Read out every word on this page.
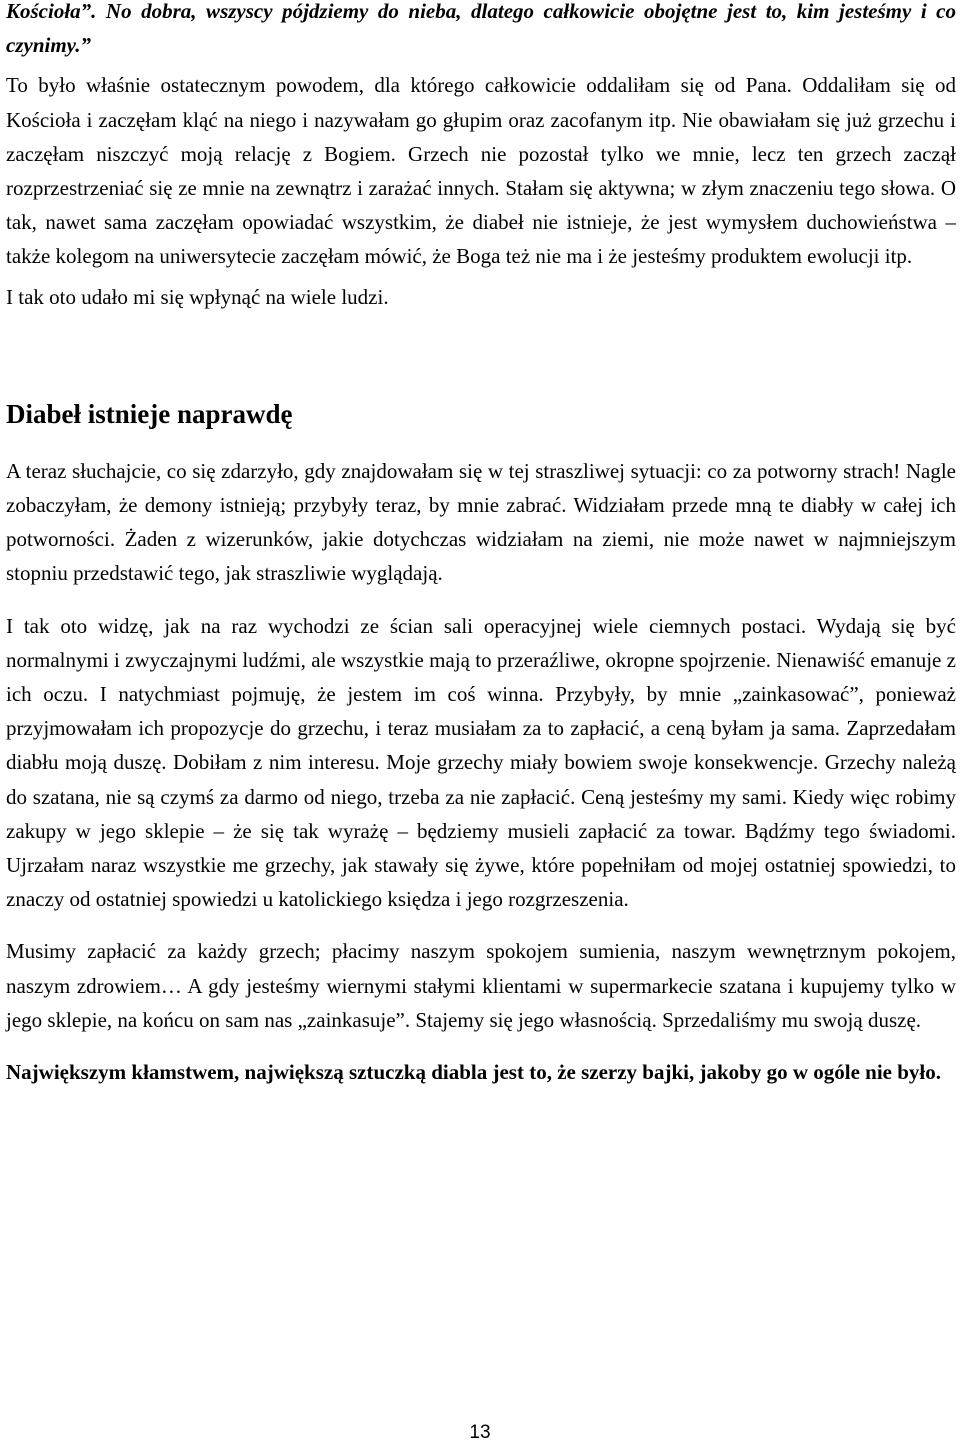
Kościoła”. No dobra, wszyscy pójdziemy do nieba, dlatego całkowicie obojętne jest to, kim jesteśmy i co czynimy.”

To było właśnie ostatecznym powodem, dla którego całkowicie oddaliłam się od Pana. Oddaliłam się od Kościoła i zaczęłam kląć na niego i nazywałam go głupim oraz zacofanym itp. Nie obawiałam się już grzechu i zaczęłam niszczyć moją relację z Bogiem. Grzech nie pozostał tylko we mnie, lecz ten grzech zaczął rozprzestrzeniać się ze mnie na zewnątrz i zarażać innych. Stałam się aktywna; w złym znaczeniu tego słowa. O tak, nawet sama zaczęłam opowiadać wszystkim, że diabeł nie istnieje, że jest wymysłem duchowieństwa – także kolegom na uniwersytecie zaczęłam mówić, że Boga też nie ma i że jesteśmy produktem ewolucji itp.

I tak oto udało mi się wpłynąć na wiele ludzi.

Diabeł istnieje naprawdę

A teraz słuchajcie, co się zdarzyło, gdy znajdowałam się w tej straszliwej sytuacji: co za potworny strach! Nagle zobaczyłam, że demony istnieją; przybyły teraz, by mnie zabrać. Widziałam przede mną te diabły w całej ich potworności. Żaden z wizerunków, jakie dotychczas widziałam na ziemi, nie może nawet w najmniejszym stopniu przedstawić tego, jak straszliwie wyglądają.

I tak oto widzę, jak na raz wychodzi ze ścian sali operacyjnej wiele ciemnych postaci. Wydają się być normalnymi i zwyczajnymi ludźmi, ale wszystkie mają to przeraźliwe, okropne spojrzenie. Nienawiść emanuje z ich oczu. I natychmiast pojmuję, że jestem im coś winna. Przybyły, by mnie „zainkasować”, ponieważ przyjmowałam ich propozycje do grzechu, i teraz musiałam za to zapłacić, a ceną byłam ja sama. Zaprzedałam diabłu moją duszę. Dobiłam z nim interesu. Moje grzechy miały bowiem swoje konsekwencje. Grzechy należą do szatana, nie są czymś za darmo od niego, trzeba za nie zapłacić. Ceną jesteśmy my sami. Kiedy więc robimy zakupy w jego sklepie – że się tak wyrażę – będziemy musieli zapłacić za towar. Bądźmy tego świadomi. Ujrzałam naraz wszystkie me grzechy, jak stawały się żywe, które popełniłam od mojej ostatniej spowiedzi, to znaczy od ostatniej spowiedzi u katolickiego księdza i jego rozgrzeszenia.

Musimy zapłacić za każdy grzech; płacimy naszym spokojem sumienia, naszym wewnętrznym pokojem, naszym zdrowiem… A gdy jesteśmy wiernymi stałymi klientami w supermarkecie szatana i kupujemy tylko w jego sklepie, na końcu on sam nas „zainkasuje”. Stajemy się jego własnością. Sprzedaliśmy mu swoją duszę.

Największym kłamstwem, największą sztuczką diabla jest to, że szerzy bajki, jakoby go w ogóle nie było.

13
